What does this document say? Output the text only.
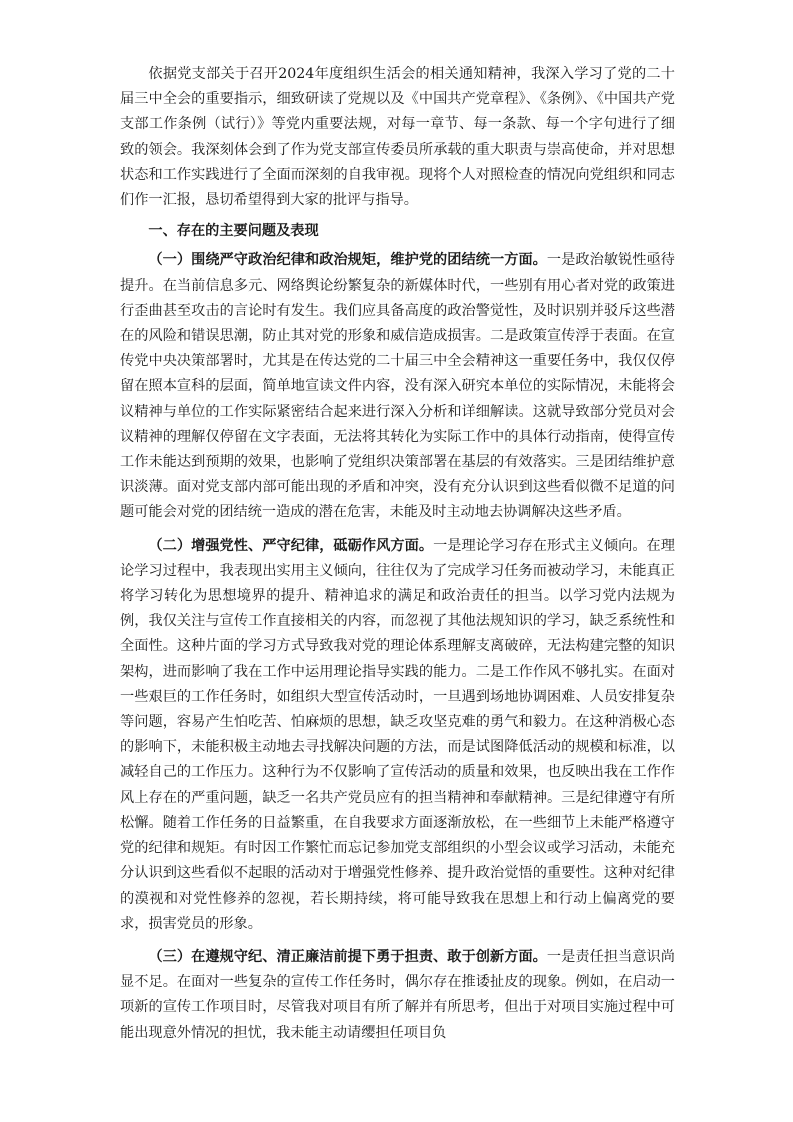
依据党支部关于召开2024年度组织生活会的相关通知精神，我深入学习了党的二十届三中全会的重要指示，细致研读了党规以及《中国共产党章程》、《条例》、《中国共产党支部工作条例（试行）》等党内重要法规，对每一章节、每一条款、每一个字句进行了细致的领会。我深刻体会到了作为党支部宣传委员所承载的重大职责与崇高使命，并对思想状态和工作实践进行了全面而深刻的自我审视。现将个人对照检查的情况向党组织和同志们作一汇报，恳切希望得到大家的批评与指导。

一、存在的主要问题及表现

（一）围绕严守政治纪律和政治规矩，维护党的团结统一方面。一是政治敏锐性亟待提升。在当前信息多元、网络舆论纷繁复杂的新媒体时代，一些别有用心者对党的政策进行歪曲甚至攻击的言论时有发生。我们应具备高度的政治警觉性，及时识别并驳斥这些潜在的风险和错误思潮，防止其对党的形象和威信造成损害。二是政策宣传浮于表面。在宣传党中央决策部署时，尤其是在传达党的二十届三中全会精神这一重要任务中，我仅仅停留在照本宣科的层面，简单地宣读文件内容，没有深入研究本单位的实际情况，未能将会议精神与单位的工作实际紧密结合起来进行深入分析和详细解读。这就导致部分党员对会议精神的理解仅停留在文字表面，无法将其转化为实际工作中的具体行动指南，使得宣传工作未能达到预期的效果，也影响了党组织决策部署在基层的有效落实。三是团结维护意识淡薄。面对党支部内部可能出现的矛盾和冲突，没有充分认识到这些看似微不足道的问题可能会对党的团结统一造成的潜在危害，未能及时主动地去协调解决这些矛盾。

（二）增强党性、严守纪律，砥砺作风方面。一是理论学习存在形式主义倾向。在理论学习过程中，我表现出实用主义倾向，往往仅为了完成学习任务而被动学习，未能真正将学习转化为思想境界的提升、精神追求的满足和政治责任的担当。以学习党内法规为例，我仅关注与宣传工作直接相关的内容，而忽视了其他法规知识的学习，缺乏系统性和全面性。这种片面的学习方式导致我对党的理论体系理解支离破碎，无法构建完整的知识架构，进而影响了我在工作中运用理论指导实践的能力。二是工作作风不够扎实。在面对一些艰巨的工作任务时，如组织大型宣传活动时，一旦遇到场地协调困难、人员安排复杂等问题，容易产生怕吃苦、怕麻烦的思想，缺乏攻坚克难的勇气和毅力。在这种消极心态的影响下，未能积极主动地去寻找解决问题的方法，而是试图降低活动的规模和标准，以减轻自己的工作压力。这种行为不仅影响了宣传活动的质量和效果，也反映出我在工作作风上存在的严重问题，缺乏一名共产党员应有的担当精神和奉献精神。三是纪律遵守有所松懈。随着工作任务的日益繁重，在自我要求方面逐渐放松，在一些细节上未能严格遵守党的纪律和规矩。有时因工作繁忙而忘记参加党支部组织的小型会议或学习活动，未能充分认识到这些看似不起眼的活动对于增强党性修养、提升政治觉悟的重要性。这种对纪律的漠视和对党性修养的忽视，若长期持续，将可能导致我在思想上和行动上偏离党的要求，损害党员的形象。

（三）在遵规守纪、清正廉洁前提下勇于担责、敢于创新方面。一是责任担当意识尚显不足。在面对一些复杂的宣传工作任务时，偶尔存在推诿扯皮的现象。例如，在启动一项新的宣传工作项目时，尽管我对项目有所了解并有所思考，但出于对项目实施过程中可能出现意外情况的担忧，我未能主动请缨担任项目负
